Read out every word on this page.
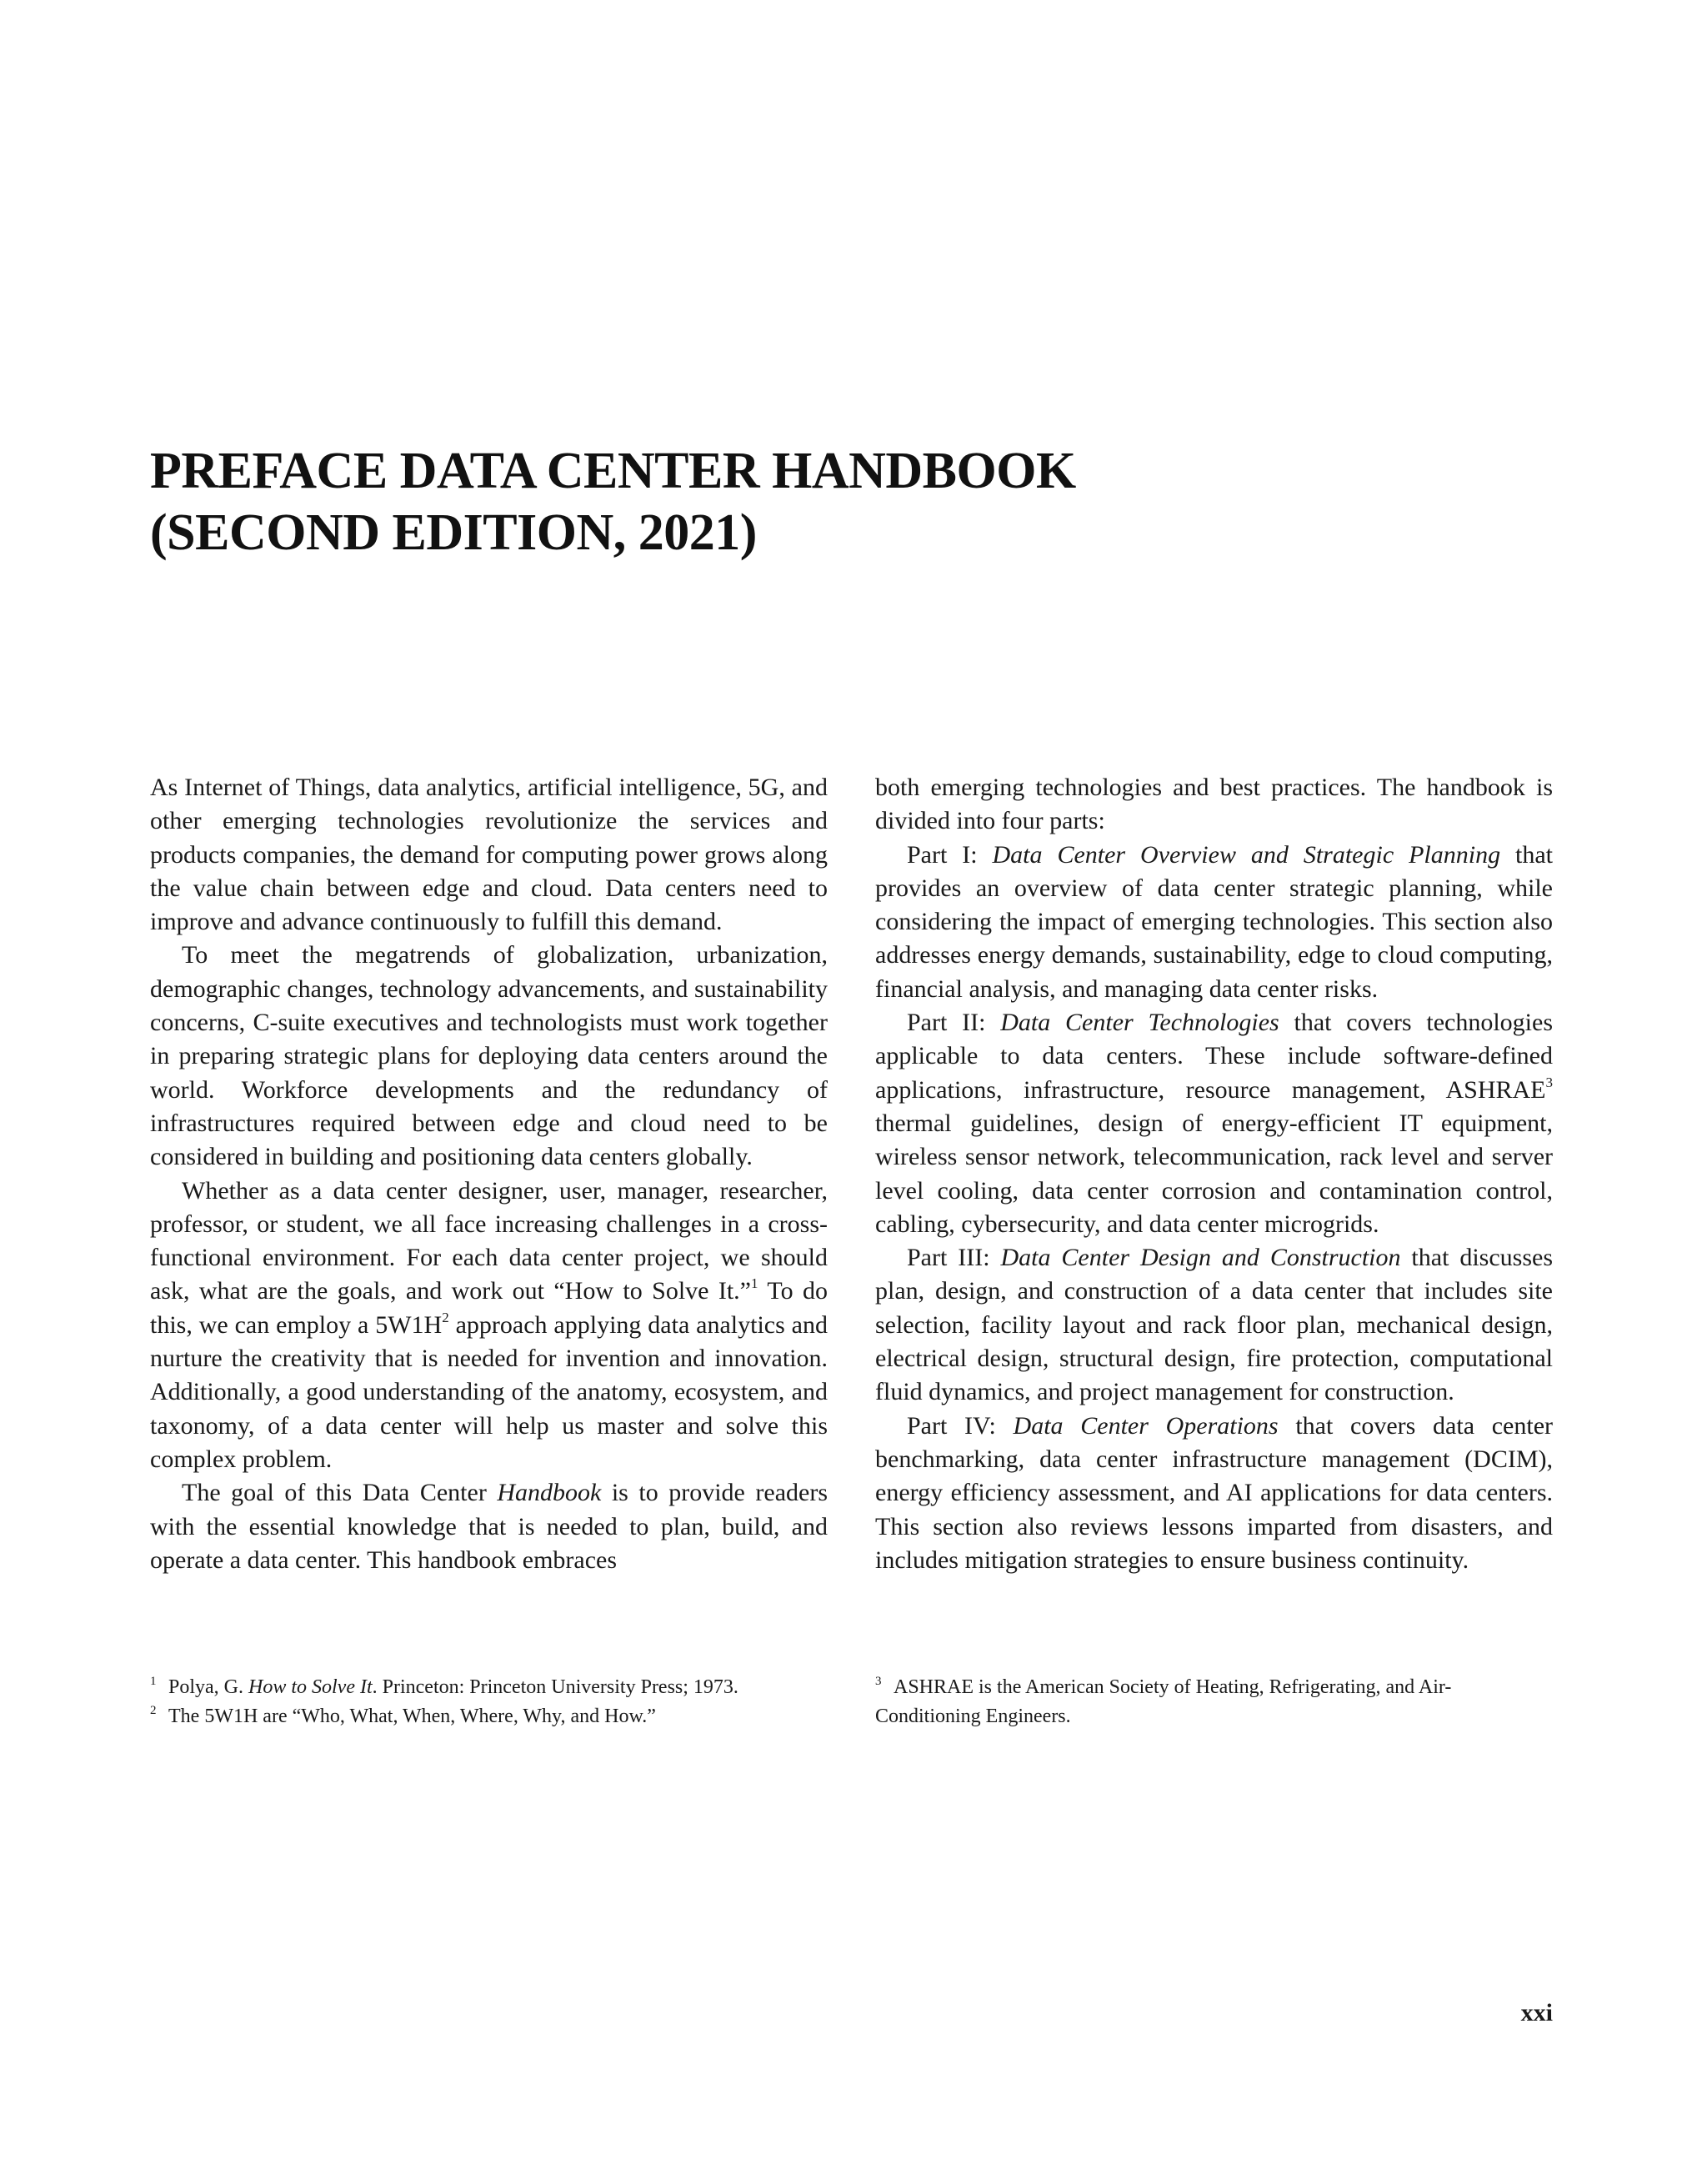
PREFACE DATA CENTER HANDBOOK
(SECOND EDITION, 2021)

As Internet of Things, data analytics, artificial intelligence, 5G, and other emerging technologies revolutionize the services and products companies, the demand for computing power grows along the value chain between edge and cloud. Data centers need to improve and advance continuously to fulfill this demand.

To meet the megatrends of globalization, urbanization, demographic changes, technology advancements, and sustainability concerns, C-suite executives and technologists must work together in preparing strategic plans for deploying data centers around the world. Workforce developments and the redundancy of infrastructures required between edge and cloud need to be considered in building and positioning data centers globally.

Whether as a data center designer, user, manager, researcher, professor, or student, we all face increasing challenges in a cross-functional environment. For each data center project, we should ask, what are the goals, and work out “How to Solve It.”$^1$ To do this, we can employ a 5W1H$^2$ approach applying data analytics and nurture the creativity that is needed for invention and innovation. Additionally, a good understanding of the anatomy, ecosystem, and taxonomy, of a data center will help us master and solve this complex problem.

The goal of this Data Center Handbook is to provide readers with the essential knowledge that is needed to plan, build, and operate a data center. This handbook embraces

both emerging technologies and best practices. The handbook is divided into four parts:

Part I: Data Center Overview and Strategic Planning that provides an overview of data center strategic planning, while considering the impact of emerging technologies. This section also addresses energy demands, sustainability, edge to cloud computing, financial analysis, and managing data center risks.

Part II: Data Center Technologies that covers technologies applicable to data centers. These include software-defined applications, infrastructure, resource management, ASHRAE$^3$ thermal guidelines, design of energy-efficient IT equipment, wireless sensor network, telecommunication, rack level and server level cooling, data center corrosion and contamination control, cabling, cybersecurity, and data center microgrids.

Part III: Data Center Design and Construction that discusses plan, design, and construction of a data center that includes site selection, facility layout and rack floor plan, mechanical design, electrical design, structural design, fire protection, computational fluid dynamics, and project management for construction.

Part IV: Data Center Operations that covers data center benchmarking, data center infrastructure management (DCIM), energy efficiency assessment, and AI applications for data centers. This section also reviews lessons imparted from disasters, and includes mitigation strategies to ensure business continuity.

1 Polya, G. How to Solve It. Princeton: Princeton University Press; 1973.
2 The 5W1H are “Who, What, When, Where, Why, and How.”
3 ASHRAE is the American Society of Heating, Refrigerating, and Air-Conditioning Engineers.
xxi
